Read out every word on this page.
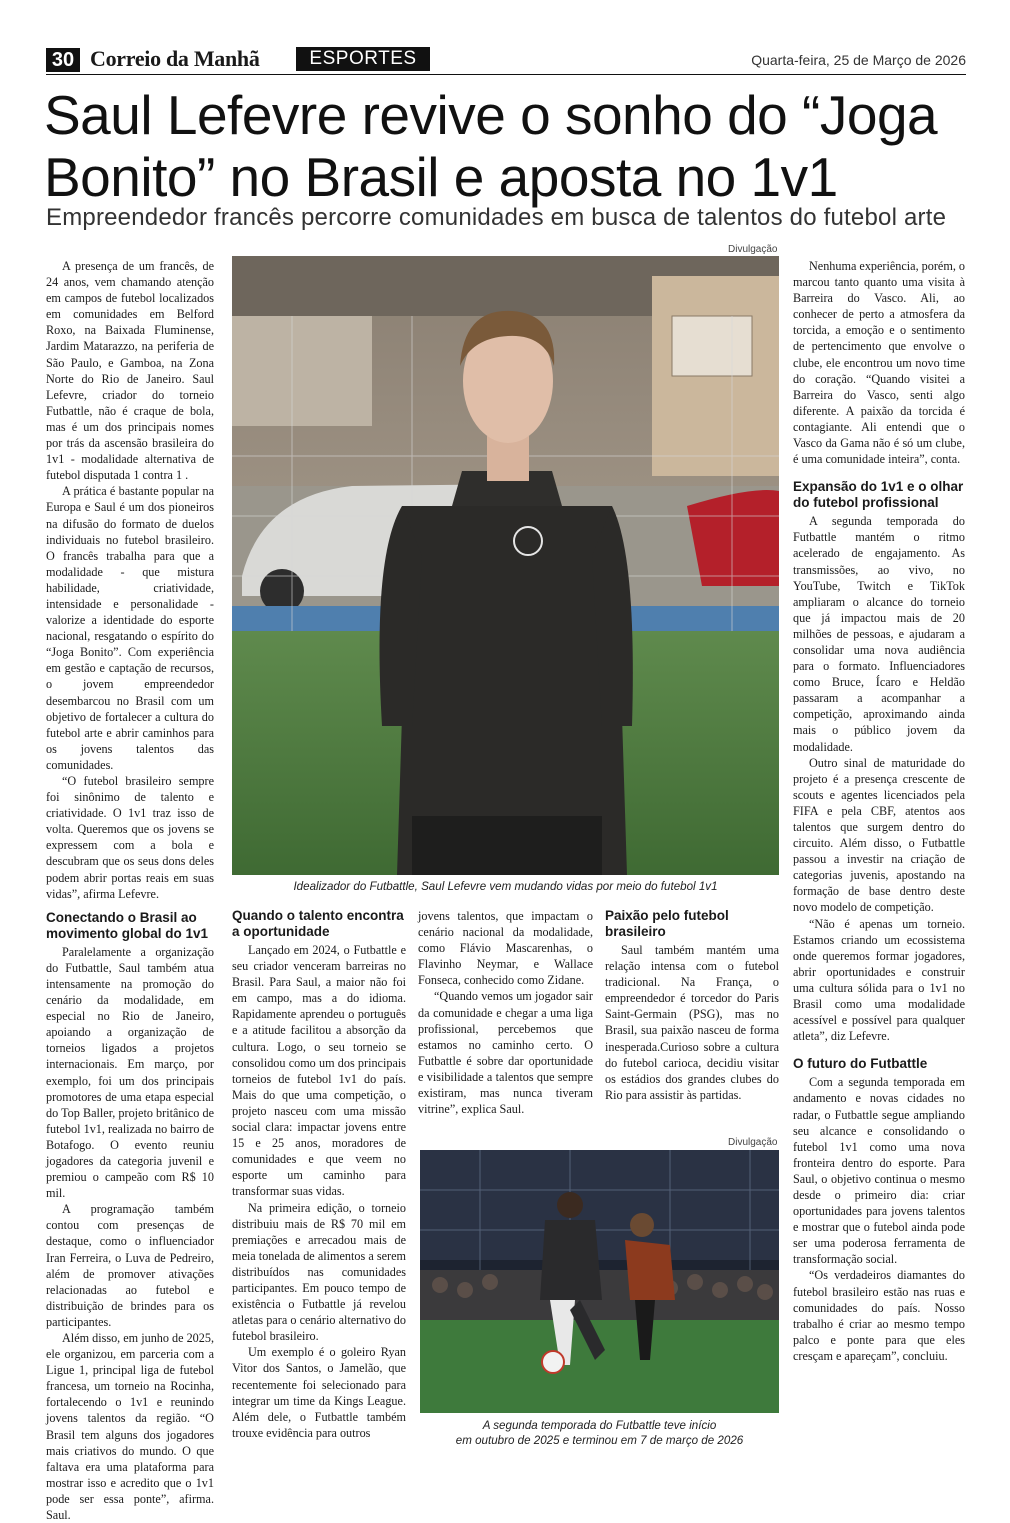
30 Correio da Manhã	ESPORTES	Quarta-feira, 25 de Março de 2026
Saul Lefevre revive o sonho do “Joga Bonito” no Brasil e aposta no 1v1
Empreendedor francês percorre comunidades em busca de talentos do futebol arte
Divulgação
Idealizador do Futbattle, Saul Lefevre vem mudando vidas por meio do futebol 1v1

A presença de um francês, de 24 anos, vem chamando atenção em campos de futebol localizados em comunidades em Belford Roxo, na Baixada Fluminense, Jardim Matarazzo, na periferia de São Paulo, e Gamboa, na Zona Norte do Rio de Janeiro. Saul Lefevre, criador do torneio Futbattle, não é craque de bola, mas é um dos principais nomes por trás da ascensão brasileira do 1v1 - modalidade alternativa de futebol disputada 1 contra 1 .

A prática é bastante popular na Europa e Saul é um dos pioneiros na difusão do formato de duelos individuais no futebol brasileiro. O francês trabalha para que a modalidade - que mistura habilidade, criatividade, intensidade e personalidade - valorize a identidade do esporte nacional, resgatando o espírito do “Joga Bonito”. Com experiência em gestão e captação de recursos, o jovem empreendedor desembarcou no Brasil com um objetivo de fortalecer a cultura do futebol arte e abrir caminhos para os jovens talentos das comunidades.

“O futebol brasileiro sempre foi sinônimo de talento e criatividade. O 1v1 traz isso de volta. Queremos que os jovens se expressem com a bola e descubram que os seus dons deles podem abrir portas reais em suas vidas”, afirma Lefevre.

Conectando o Brasil ao movimento global do 1v1

Paralelamente a organização do Futbattle, Saul também atua intensamente na promoção do cenário da modalidade, em especial no Rio de Janeiro, apoiando a organização de torneios ligados a projetos internacionais. Em março, por exemplo, foi um dos principais promotores de uma etapa especial do Top Baller, projeto britânico de futebol 1v1, realizada no bairro de Botafogo. O evento reuniu jogadores da categoria juvenil e premiou o campeão com R$ 10 mil.

A programação também contou com presenças de destaque, como o influenciador Iran Ferreira, o Luva de Pedreiro, além de promover ativações relacionadas ao futebol e distribuição de brindes para os participantes.

Além disso, em junho de 2025, ele organizou, em parceria com a Ligue 1, principal liga de futebol francesa, um torneio na Rocinha, fortalecendo o 1v1 e reunindo jovens talentos da região. “O Brasil tem alguns dos jogadores mais criativos do mundo. O que faltava era uma plataforma para mostrar isso e acredito que o 1v1 pode ser essa ponte”, afirma. Saul.

Quando o talento encontra a oportunidade

Lançado em 2024, o Futbattle e seu criador venceram barreiras no Brasil. Para Saul, a maior não foi em campo, mas a do idioma. Rapidamente aprendeu o português e a atitude facilitou a absorção da cultura. Logo, o seu torneio se consolidou como um dos principais torneios de futebol 1v1 do país. Mais do que uma competição, o projeto nasceu com uma missão social clara: impactar jovens entre 15 e 25 anos, moradores de comunidades e que veem no esporte um caminho para transformar suas vidas.

Na primeira edição, o torneio distribuiu mais de R$ 70 mil em premiações e arrecadou mais de meia tonelada de alimentos a serem distribuídos nas comunidades participantes. Em pouco tempo de existência o Futbattle já revelou atletas para o cenário alternativo do futebol brasileiro.

Um exemplo é o goleiro Ryan Vitor dos Santos, o Jamelão, que recentemente foi selecionado para integrar um time da Kings League. Além dele, o Futbattle também trouxe evidência para outros

jovens talentos, que impactam o cenário nacional da modalidade, como Flávio Mascarenhas, o Flavinho Neymar, e Wallace Fonseca, conhecido como Zidane.

“Quando vemos um jogador sair da comunidade e chegar a uma liga profissional, percebemos que estamos no caminho certo. O Futbattle é sobre dar oportunidade e visibilidade a talentos que sempre existiram, mas nunca tiveram vitrine”, explica Saul.

Paixão pelo futebol brasileiro

Saul também mantém uma relação intensa com o futebol tradicional. Na França, o empreendedor é torcedor do Paris Saint-Germain (PSG), mas no Brasil, sua paixão nasceu de forma inesperada.Curioso sobre a cultura do futebol carioca, decidiu visitar os estádios dos grandes clubes do Rio para assistir às partidas.

Divulgação
A segunda temporada do Futbattle teve início
em outubro de 2025 e terminou em 7 de março de 2026

Nenhuma experiência, porém, o marcou tanto quanto uma visita à Barreira do Vasco. Ali, ao conhecer de perto a atmosfera da torcida, a emoção e o sentimento de pertencimento que envolve o clube, ele encontrou um novo time do coração. “Quando visitei a Barreira do Vasco, senti algo diferente. A paixão da torcida é contagiante. Ali entendi que o Vasco da Gama não é só um clube, é uma comunidade inteira”, conta.

Expansão do 1v1 e o olhar do futebol profissional

A segunda temporada do Futbattle mantém o ritmo acelerado de engajamento. As transmissões, ao vivo, no YouTube, Twitch e TikTok ampliaram o alcance do torneio que já impactou mais de 20 milhões de pessoas, e ajudaram a consolidar uma nova audiência para o formato. Influenciadores como Bruce, Ícaro e Heldão passaram a acompanhar a competição, aproximando ainda mais o público jovem da modalidade.

Outro sinal de maturidade do projeto é a presença crescente de scouts e agentes licenciados pela FIFA e pela CBF, atentos aos talentos que surgem dentro do circuito. Além disso, o Futbattle passou a investir na criação de categorias juvenis, apostando na formação de base dentro deste novo modelo de competição.

“Não é apenas um torneio. Estamos criando um ecossistema onde queremos formar jogadores, abrir oportunidades e construir uma cultura sólida para o 1v1 no Brasil como uma modalidade acessível e possível para qualquer atleta”, diz Lefevre.

O futuro do Futbattle

Com a segunda temporada em andamento e novas cidades no radar, o Futbattle segue ampliando seu alcance e consolidando o futebol 1v1 como uma nova fronteira dentro do esporte. Para Saul, o objetivo continua o mesmo desde o primeiro dia: criar oportunidades para jovens talentos e mostrar que o futebol ainda pode ser uma poderosa ferramenta de transformação social.

“Os verdadeiros diamantes do futebol brasileiro estão nas ruas e comunidades do país. Nosso trabalho é criar ao mesmo tempo palco e ponte para que eles cresçam e apareçam”, concluiu.
